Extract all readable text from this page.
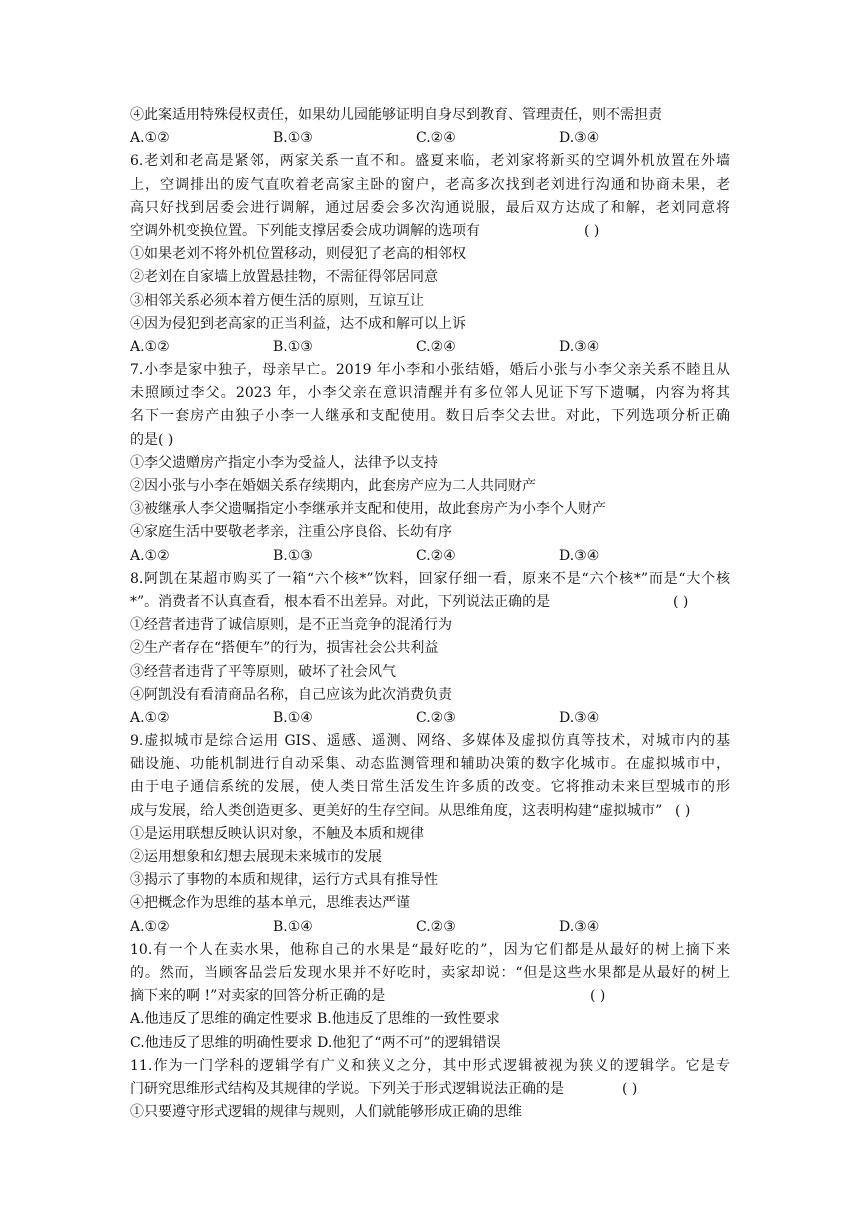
④此案适用特殊侵权责任，如果幼儿园能够证明自身尽到教育、管理责任，则不需担责
A.①②	B.①③	C.②④	D.③④
6.老刘和老高是紧邻，两家关系一直不和。盛夏来临，老刘家将新买的空调外机放置在外墙
上，空调排出的废气直吹着老高家主卧的窗户，老高多次找到老刘进行沟通和协商未果，老
高只好找到居委会进行调解，通过居委会多次沟通说服，最后双方达成了和解，老刘同意将
空调外机变换位置。下列能支撑居委会成功调解的选项有	( )
①如果老刘不将外机位置移动，则侵犯了老高的相邻权
②老刘在自家墙上放置悬挂物，不需征得邻居同意
③相邻关系必须本着方便生活的原则，互谅互让
④因为侵犯到老高家的正当利益，达不成和解可以上诉
A.①②	B.①③	C.②④	D.③④
7.小李是家中独子，母亲早亡。2019 年小李和小张结婚，婚后小张与小李父亲关系不睦且从
未照顾过李父。2023 年，小李父亲在意识清醒并有多位邻人见证下写下遗嘱，内容为将其
名下一套房产由独子小李一人继承和支配使用。数日后李父去世。对此，下列选项分析正确
的是( )
①李父遗赠房产指定小李为受益人，法律予以支持
②因小张与小李在婚姻关系存续期内，此套房产应为二人共同财产
③被继承人李父遗嘱指定小李继承并支配和使用，故此套房产为小李个人财产
④家庭生活中要敬老孝亲，注重公序良俗、长幼有序
A.①②	B.①③	C.②④	D.③④
8.阿凯在某超市购买了一箱“六个核*”饮料，回家仔细一看，原来不是“六个核*”而是“大个核
*”。消费者不认真查看，根本看不出差异。对此，下列说法正确的是	( )
①经营者违背了诚信原则，是不正当竞争的混淆行为
②生产者存在“搭便车”的行为，损害社会公共利益
③经营者违背了平等原则，破坏了社会风气
④阿凯没有看清商品名称，自己应该为此次消费负责
A.①②	B.①④	C.②③	D.③④
9.虚拟城市是综合运用 GIS、遥感、遥测、网络、多媒体及虚拟仿真等技术，对城市内的基
础设施、功能机制进行自动采集、动态监测管理和辅助决策的数字化城市。在虚拟城市中，
由于电子通信系统的发展，使人类日常生活发生许多质的改变。它将推动未来巨型城市的形
成与发展，给人类创造更多、更美好的生存空间。从思维角度，这表明构建“虚拟城市” ( )
①是运用联想反映认识对象，不触及本质和规律
②运用想象和幻想去展现未来城市的发展
③揭示了事物的本质和规律，运行方式具有推导性
④把概念作为思维的基本单元，思维表达严谨
A.①②	B.①④	C.②③	D.③④
10.有一个人在卖水果，他称自己的水果是“最好吃的”，因为它们都是从最好的树上摘下来
的。然而，当顾客品尝后发现水果并不好吃时，卖家却说：“但是这些水果都是从最好的树上
摘下来的啊 !”对卖家的回答分析正确的是	( )
A.他违反了思维的确定性要求 B.他违反了思维的一致性要求
C.他违反了思维的明确性要求 D.他犯了“两不可”的逻辑错误
11.作为一门学科的逻辑学有广义和狭义之分，其中形式逻辑被视为狭义的逻辑学。它是专
门研究思维形式结构及其规律的学说。下列关于形式逻辑说法正确的是	( )
①只要遵守形式逻辑的规律与规则，人们就能够形成正确的思维
